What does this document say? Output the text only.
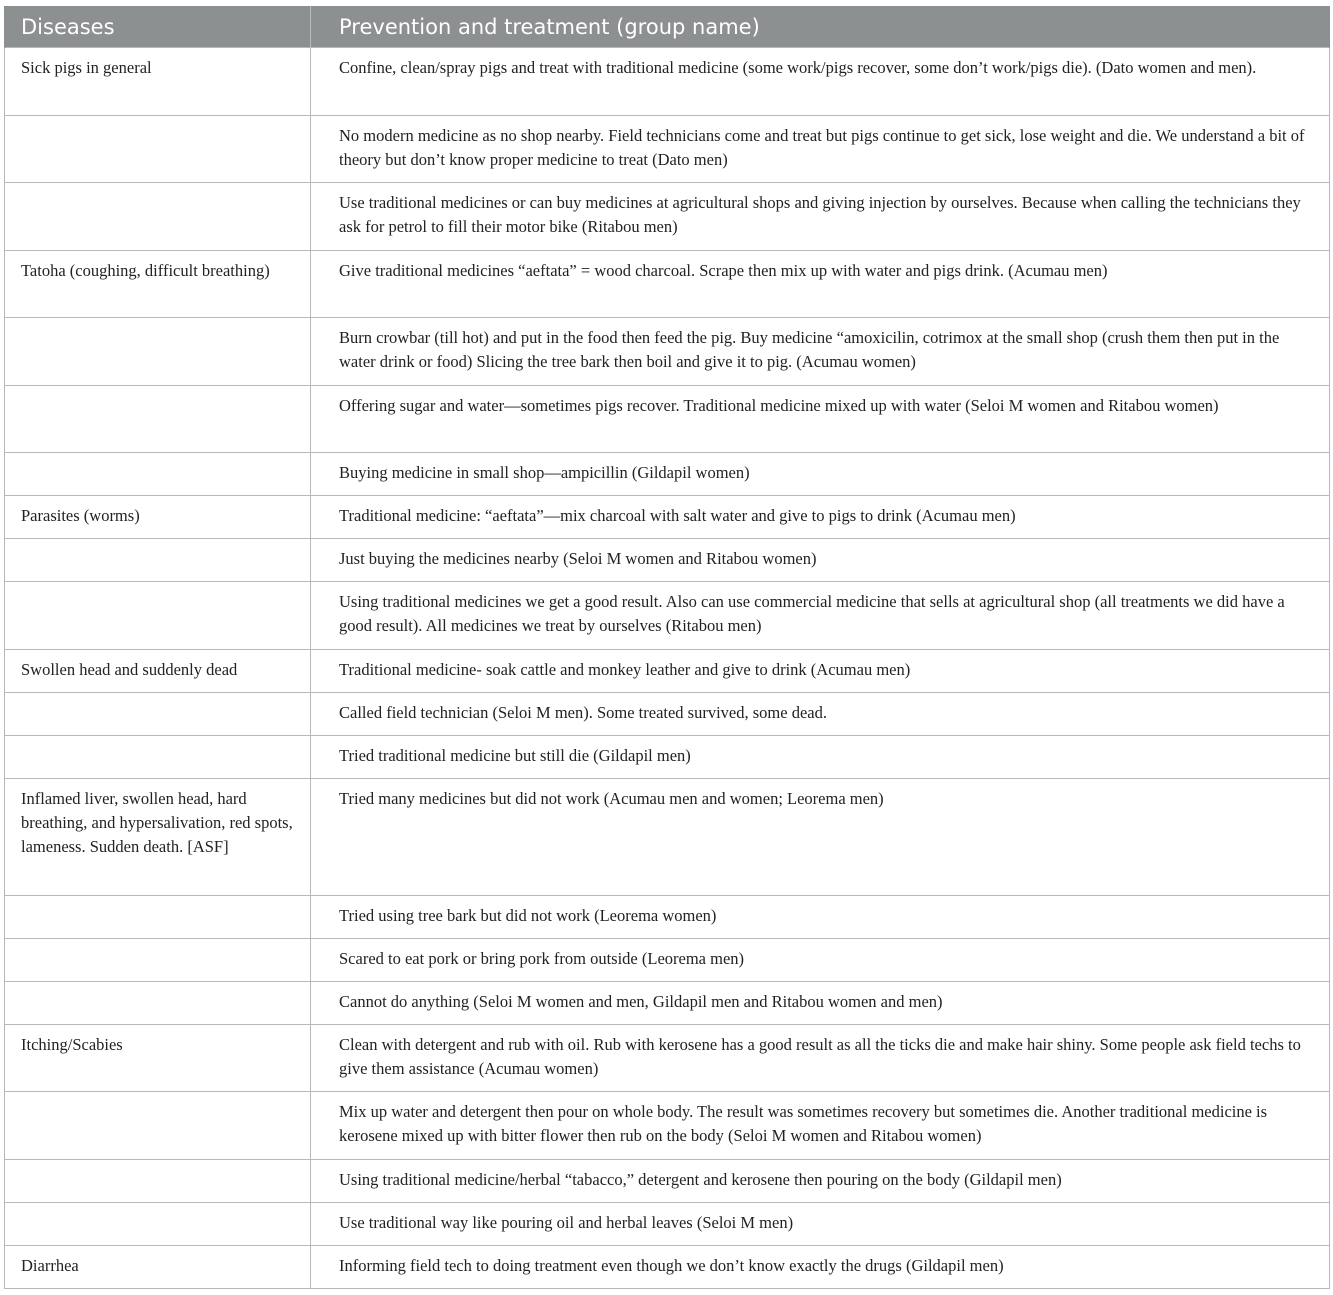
Diseases	Prevention and treatment (group name)
Sick pigs in general	Confine, clean/spray pigs and treat with traditional medicine (some work/pigs recover, some don’t work/pigs die). (Dato women and men).
	No modern medicine as no shop nearby. Field technicians come and treat but pigs continue to get sick, lose weight and die. We understand a bit of theory but don’t know proper medicine to treat (Dato men)
	Use traditional medicines or can buy medicines at agricultural shops and giving injection by ourselves. Because when calling the technicians they ask for petrol to fill their motor bike (Ritabou men)
Tatoha (coughing, difficult breathing)	Give traditional medicines “aeftata” = wood charcoal. Scrape then mix up with water and pigs drink. (Acumau men)
	Burn crowbar (till hot) and put in the food then feed the pig. Buy medicine “amoxicilin, cotrimox at the small shop (crush them then put in the water drink or food) Slicing the tree bark then boil and give it to pig. (Acumau women)
	Offering sugar and water—sometimes pigs recover. Traditional medicine mixed up with water (Seloi M women and Ritabou women)
	Buying medicine in small shop—ampicillin (Gildapil women)
Parasites (worms)	Traditional medicine: “aeftata”—mix charcoal with salt water and give to pigs to drink (Acumau men)
	Just buying the medicines nearby (Seloi M women and Ritabou women)
	Using traditional medicines we get a good result. Also can use commercial medicine that sells at agricultural shop (all treatments we did have a good result). All medicines we treat by ourselves (Ritabou men)
Swollen head and suddenly dead	Traditional medicine- soak cattle and monkey leather and give to drink (Acumau men)
	Called field technician (Seloi M men). Some treated survived, some dead.
	Tried traditional medicine but still die (Gildapil men)
Inflamed liver, swollen head, hard breathing, and hypersalivation, red spots, lameness. Sudden death. [ASF]	Tried many medicines but did not work (Acumau men and women; Leorema men)
	Tried using tree bark but did not work (Leorema women)
	Scared to eat pork or bring pork from outside (Leorema men)
	Cannot do anything (Seloi M women and men, Gildapil men and Ritabou women and men)
Itching/Scabies	Clean with detergent and rub with oil. Rub with kerosene has a good result as all the ticks die and make hair shiny. Some people ask field techs to give them assistance (Acumau women)
	Mix up water and detergent then pour on whole body. The result was sometimes recovery but sometimes die. Another traditional medicine is kerosene mixed up with bitter flower then rub on the body (Seloi M women and Ritabou women)
	Using traditional medicine/herbal “tabacco,” detergent and kerosene then pouring on the body (Gildapil men)
	Use traditional way like pouring oil and herbal leaves (Seloi M men)
Diarrhea	Informing field tech to doing treatment even though we don’t know exactly the drugs (Gildapil men)
